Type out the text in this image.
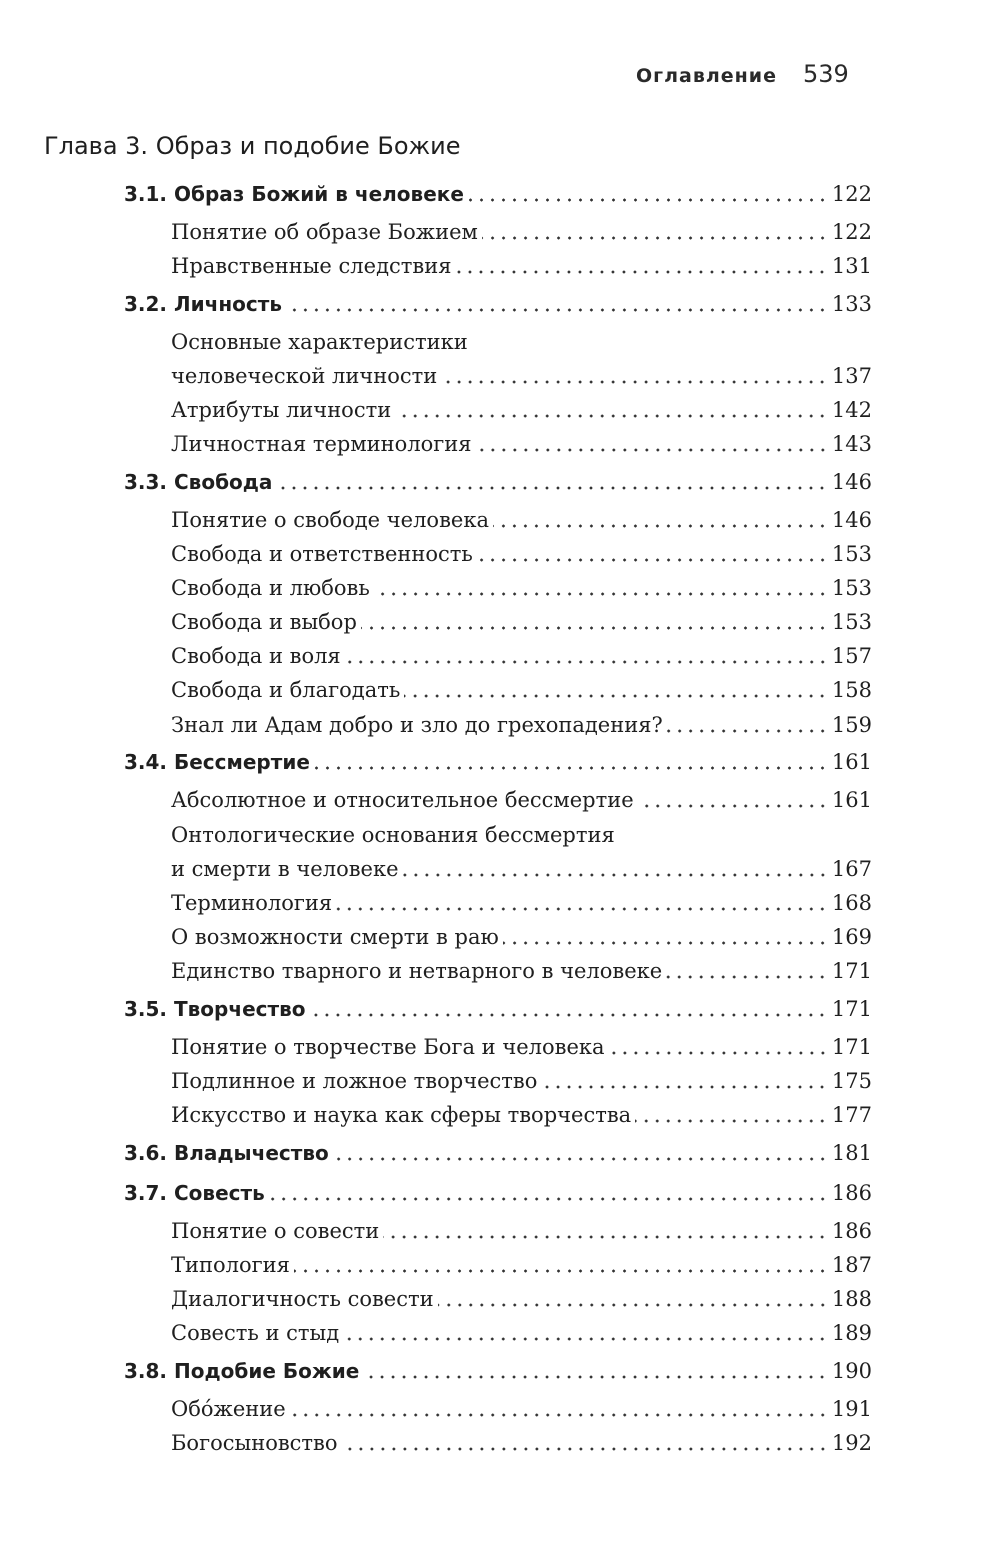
Оглавление 539
Глава 3. Образ и подобие Божие
3.1. Образ Божий в человеке	122
Понятие об образе Божием	122
Нравственные следствия	131
3.2. Личность	133
Основные характеристики
человеческой личности	137
Атрибуты личности	142
Личностная терминология	143
3.3. Свобода	146
Понятие о свободе человека	146
Свобода и ответственность	153
Свобода и любовь	153
Свобода и выбор	153
Свобода и воля	157
Свобода и благодать	158
Знал ли Адам добро и зло до грехопадения?	159
3.4. Бессмертие	161
Абсолютное и относительное бессмертие	161
Онтологические основания бессмертия
и смерти в человеке	167
Терминология	168
О возможности смерти в раю	169
Единство тварного и нетварного в человеке	171
3.5. Творчество	171
Понятие о творчестве Бога и человека	171
Подлинное и ложное творчество	175
Искусство и наука как сферы творчества	177
3.6. Владычество	181
3.7. Совесть	186
Понятие о совести	186
Типология	187
Диалогичность совести	188
Совесть и стыд	189
3.8. Подобие Божие	190
Обóжение	191
Богосыновство	192
